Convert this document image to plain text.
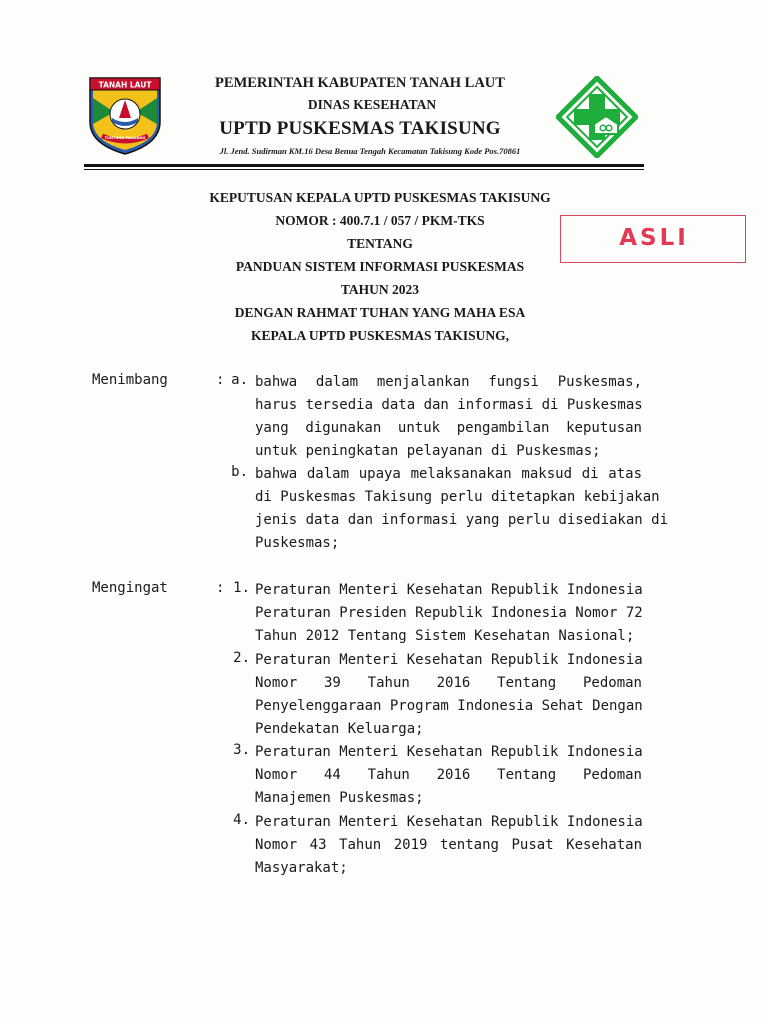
TANAH LAUT
TUNTUNG PANDANG
PEMERINTAH KABUPATEN TANAH LAUT
DINAS KESEHATAN
UPTD PUSKESMAS TAKISUNG
Jl. Jend. Sudirman KM.16 Desa Benua Tengah Kecamatan Takisung Kode Pos.70861
KEPUTUSAN KEPALA UPTD PUSKESMAS TAKISUNG
NOMOR : 400.7.1 / 057 / PKM-TKS
TENTANG
PANDUAN SISTEM INFORMASI PUSKESMAS
TAHUN 2023
DENGAN RAHMAT TUHAN YANG MAHA ESA
KEPALA UPTD PUSKESMAS TAKISUNG,
ASLI
Menimbang	: a. bahwa dalam menjalankan fungsi Puskesmas,
harus tersedia data dan informasi di Puskesmas
yang digunakan untuk pengambilan keputusan
untuk peningkatan pelayanan di Puskesmas;
b. bahwa dalam upaya melaksanakan maksud di atas
di Puskesmas Takisung perlu ditetapkan kebijakan
jenis data dan informasi yang perlu disediakan di
Puskesmas;
Mengingat	: 1. Peraturan Menteri Kesehatan Republik Indonesia
Peraturan Presiden Republik Indonesia Nomor 72
Tahun 2012 Tentang Sistem Kesehatan Nasional;
2. Peraturan Menteri Kesehatan Republik Indonesia
Nomor 39 Tahun 2016 Tentang Pedoman
Penyelenggaraan Program Indonesia Sehat Dengan
Pendekatan Keluarga;
3. Peraturan Menteri Kesehatan Republik Indonesia
Nomor 44 Tahun 2016 Tentang Pedoman
Manajemen Puskesmas;
4. Peraturan Menteri Kesehatan Republik Indonesia
Nomor 43 Tahun 2019 tentang Pusat Kesehatan
Masyarakat;
